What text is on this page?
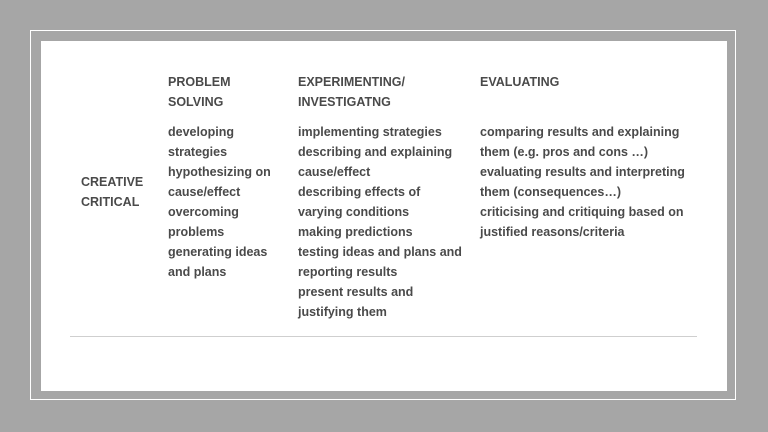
PROBLEM
SOLVING
EXPERIMENTING/
INVESTIGATNG
EVALUATING
CREATIVE
CRITICAL
developing
strategies
hypothesizing on
cause/effect
overcoming
problems
generating ideas
and plans
implementing strategies
describing and explaining
cause/effect
describing effects of
varying conditions
making predictions
testing ideas and plans and
reporting results
present results and
justifying them
comparing results and explaining
them (e.g. pros and cons …)
evaluating results and interpreting
them (consequences…)
criticising and critiquing based on
justified reasons/criteria
